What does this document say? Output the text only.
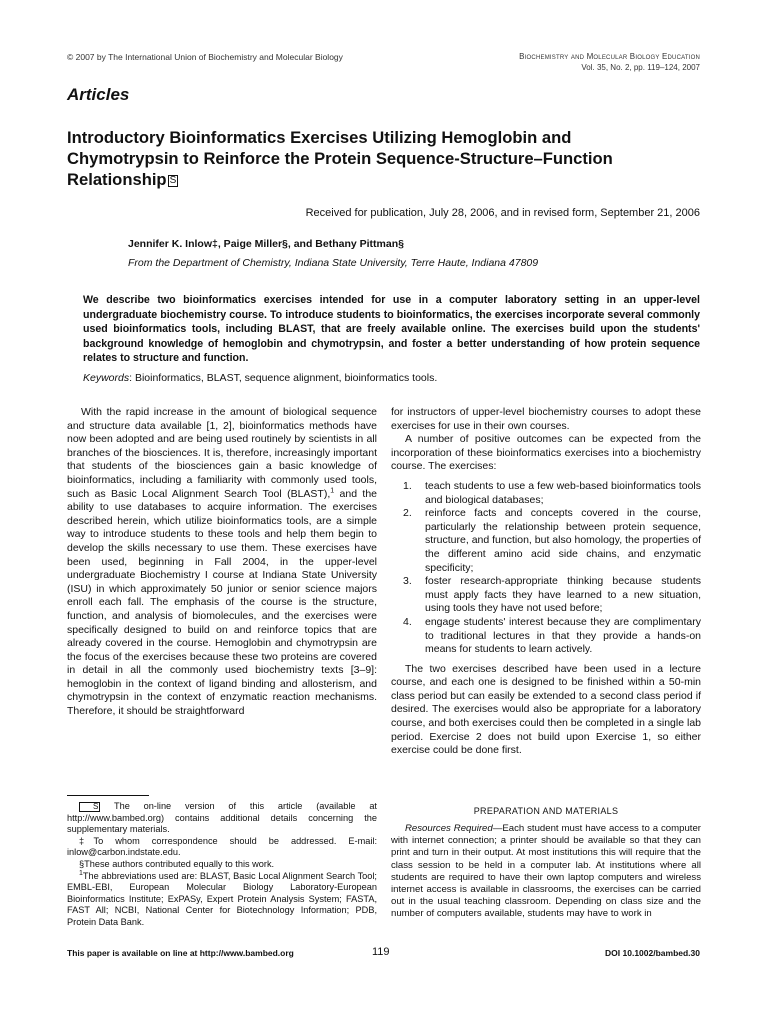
© 2007 by The International Union of Biochemistry and Molecular Biology	Biochemistry and Molecular Biology Education
Vol. 35, No. 2, pp. 119–124, 2007
Articles
Introductory Bioinformatics Exercises Utilizing Hemoglobin and Chymotrypsin to Reinforce the Protein Sequence-Structure–Function Relationship S
Received for publication, July 28, 2006, and in revised form, September 21, 2006
Jennifer K. Inlow‡, Paige Miller§, and Bethany Pittman§
From the Department of Chemistry, Indiana State University, Terre Haute, Indiana 47809
We describe two bioinformatics exercises intended for use in a computer laboratory setting in an upper-level undergraduate biochemistry course. To introduce students to bioinformatics, the exercises incorporate several commonly used bioinformatics tools, including BLAST, that are freely available online. The exercises build upon the students' background knowledge of hemoglobin and chymotrypsin, and foster a better understanding of how protein sequence relates to structure and function.
Keywords: Bioinformatics, BLAST, sequence alignment, bioinformatics tools.

With the rapid increase in the amount of biological sequence and structure data available [1, 2], bioinformatics methods have now been adopted and are being used routinely by scientists in all branches of the biosciences. It is, therefore, increasingly important that students of the biosciences gain a basic knowledge of bioinformatics, including a familiarity with commonly used tools, such as Basic Local Alignment Search Tool (BLAST),$^1$ and the ability to use databases to acquire information. The exercises described herein, which utilize bioinformatics tools, are a simple way to introduce students to these tools and help them begin to develop the skills necessary to use them. These exercises have been used, beginning in Fall 2004, in the upper-level undergraduate Biochemistry I course at Indiana State University (ISU) in which approximately 50 junior or senior science majors enroll each fall. The emphasis of the course is the structure, function, and analysis of biomolecules, and the exercises were specifically designed to build on and reinforce topics that are already covered in the course. Hemoglobin and chymotrypsin are the focus of the exercises because these two proteins are covered in detail in all the commonly used biochemistry texts [3–9]: hemoglobin in the context of ligand binding and allosterism, and chymotrypsin in the context of enzymatic reaction mechanisms. Therefore, it should be straightforward

for instructors of upper-level biochemistry courses to adopt these exercises for use in their own courses.

A number of positive outcomes can be expected from the incorporation of these bioinformatics exercises into a biochemistry course. The exercises:

1. teach students to use a few web-based bioinformatics tools and biological databases;
2. reinforce facts and concepts covered in the course, particularly the relationship between protein sequence, structure, and function, but also homology, the properties of the different amino acid side chains, and enzymatic specificity;
3. foster research-appropriate thinking because students must apply facts they have learned to a new situation, using tools they have not used before;
4. engage students' interest because they are complimentary to traditional lectures in that they provide a hands-on means for students to learn actively.

The two exercises described have been used in a lecture course, and each one is designed to be finished within a 50-min class period but can easily be extended to a second class period if desired. The exercises would also be appropriate for a laboratory course, and both exercises could then be completed in a single lab period. Exercise 2 does not build upon Exercise 1, so either exercise could be done first.

S The on-line version of this article (available at http://www.bambed.org) contains additional details concerning the supplementary materials.

‡To whom correspondence should be addressed. E-mail: inlow@carbon.indstate.edu.

§These authors contributed equally to this work.

$^1$The abbreviations used are: BLAST, Basic Local Alignment Search Tool; EMBL-EBI, European Molecular Biology Laboratory-European Bioinformatics Institute; ExPASy, Expert Protein Analysis System; FASTA, FAST All; NCBI, National Center for Biotechnology Information; PDB, Protein Data Bank.

PREPARATION AND MATERIALS

Resources Required—Each student must have access to a computer with internet connection; a printer should be available so that they can print and turn in their output. At most institutions this will require that the class session to be held in a computer lab. At institutions where all students are required to have their own laptop computers and wireless internet access is available in classrooms, the exercises can be carried out in the usual teaching classroom. Depending on class size and the number of computers available, students may have to work in

This paper is available on line at http://www.bambed.org	119	DOI 10.1002/bambed.30
